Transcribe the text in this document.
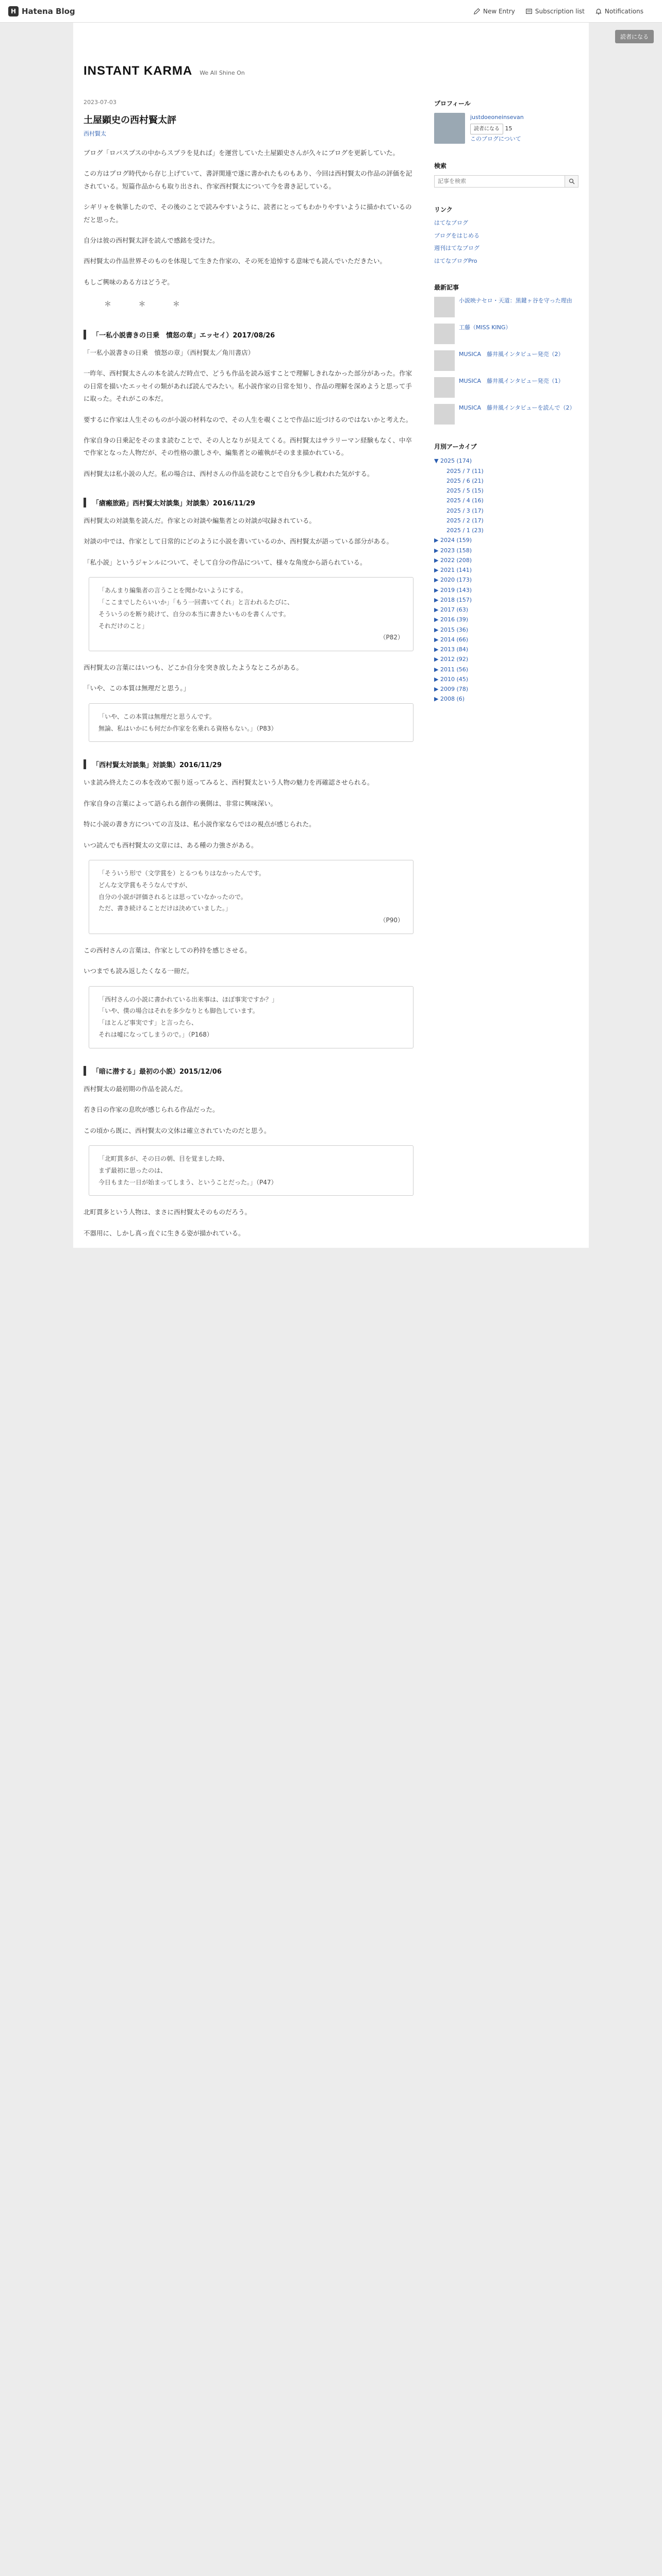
H Hatena Blog	New Entry	Subscription list	Notifications
読者になる
INSTANT KARMA We All Shine On
2023-07-03
土屋顕史の西村賢太評
西村賢太

ブログ「ロバスプスの中からスプラを見れば」を運営していた土屋顕史さんが久々にブログを更新していた。

この方はプログ時代から存じ上げていて、書評関連で遂に書かれたものもあり、今回は西村賢太の作品の評価を記されている。短篇作品からも取り出され、作家西村賢太について今を書き記している。

シギリャを執筆したので、その後のことで読みやすいように、読者にとってもわかりやすいように描かれているのだと思った。

自分は彼の西村賢太評を読んで感銘を受けた。

西村賢太の作品世界そのものを体現して生きた作家の、その死を追悼する意味でも読んでいただきたい。

もしご興味のある方はどうぞ。

＊ ＊ ＊
「一私小説書きの日乗　憤怒の章」エッセイ）2017/08/26

「一私小説書きの日乗　憤怒の章」（西村賢太／角川書店）

一昨年、西村賢太さんの本を読んだ時点で、どうも作品を読み返すことで理解しきれなかった部分があった。作家の日常を描いたエッセイの類があれば読んでみたい。私小説作家の日常を知り、作品の理解を深めようと思って手に取った。それがこの本だ。

要するに作家は人生そのものが小説の材料なので、その人生を覗くことで作品に近づけるのではないかと考えた。

作家自身の日乗記をそのまま読むことで、その人となりが見えてくる。西村賢太はサラリーマン経験もなく、中卒で作家となった人物だが、その性格の激しさや、編集者との確執がそのまま描かれている。

西村賢太は私小説の人だ。私の場合は、西村さんの作品を読むことで自分も少し救われた気がする。

「瘡瘢旅路」西村賢太対談集」対談集）2016/11/29

西村賢太の対談集を読んだ。作家との対談や編集者との対談が収録されている。

対談の中では、作家として日常的にどのように小説を書いているのか、西村賢太が語っている部分がある。

「私小説」というジャンルについて、そして自分の作品について、様々な角度から語られている。

「あんまり編集者の言うことを聞かないようにする。
「ここまでしたらいいか」「もう一回書いてくれ」と言われるたびに、
そういうのを断り続けて、自分の本当に書きたいものを書くんです。
それだけのこと」
（P82）

西村賢太の言葉にはいつも、どこか自分を突き放したようなところがある。

「いや、この本質は無理だと思う。」

「いや、この本質は無理だと思うんです。
無論、私はいかにも何だか作家を名乗れる資格もない。」（P83）
「西村賢太対談集」対談集）2016/11/29

いま読み終えたこの本を改めて振り返ってみると、西村賢太という人物の魅力を再確認させられる。

作家自身の言葉によって語られる創作の裏側は、非常に興味深い。

特に小説の書き方についての言及は、私小説作家ならではの視点が感じられた。

いつ読んでも西村賢太の文章には、ある種の力強さがある。

「そういう形で（文学賞を）とるつもりはなかったんです。
どんな文学賞もそうなんですが、
自分の小説が評価されるとは思っていなかったので。
ただ、書き続けることだけは決めていました。」
（P90）

この西村さんの言葉は、作家としての矜持を感じさせる。

いつまでも読み返したくなる一冊だ。

「西村さんの小説に書かれている出来事は、ほぼ事実ですか？」
「いや、僕の場合はそれを多少なりとも脚色しています。
「ほとんど事実です」と言ったら、
それは嘘になってしまうので。」（P168）
「暗に潜する」最初の小説）2015/12/06

西村賢太の最初期の作品を読んだ。

若き日の作家の息吹が感じられる作品だった。

この頃から既に、西村賢太の文体は確立されていたのだと思う。

「北町貫多が、その日の朝、目を覚ました時、
まず最初に思ったのは、
今日もまた一日が始まってしまう、ということだった。」（P47）

北町貫多という人物は、まさに西村賢太そのものだろう。

不器用に、しかし真っ直ぐに生きる姿が描かれている。

プロフィール
justdoeoneinsevan
読者になる 15
このブログについて
検索
記事を検索
リンク
はてなブログ
ブログをはじめる
週刊はてなブログ
はてなブログPro
最新記事
小説映ナセロ・天道：黒鍵ヶ谷を守った理由
工藤（MISS KING）
MUSICA　藤井風インタビュー発売（2）
MUSICA　藤井風インタビュー発売（1）
MUSICA　藤井風インタビューを読んで（2）
月別アーカイブ
▼ 2025 (174)
2025 / 7 (11)
2025 / 6 (21)
2025 / 5 (15)
2025 / 4 (16)
2025 / 3 (17)
2025 / 2 (17)
2025 / 1 (23)
▶ 2024 (159)
▶ 2023 (158)
▶ 2022 (208)
▶ 2021 (141)
▶ 2020 (173)
▶ 2019 (143)
▶ 2018 (157)
▶ 2017 (63)
▶ 2016 (39)
▶ 2015 (36)
▶ 2014 (66)
▶ 2013 (84)
▶ 2012 (92)
▶ 2011 (56)
▶ 2010 (45)
▶ 2009 (78)
▶ 2008 (6)
